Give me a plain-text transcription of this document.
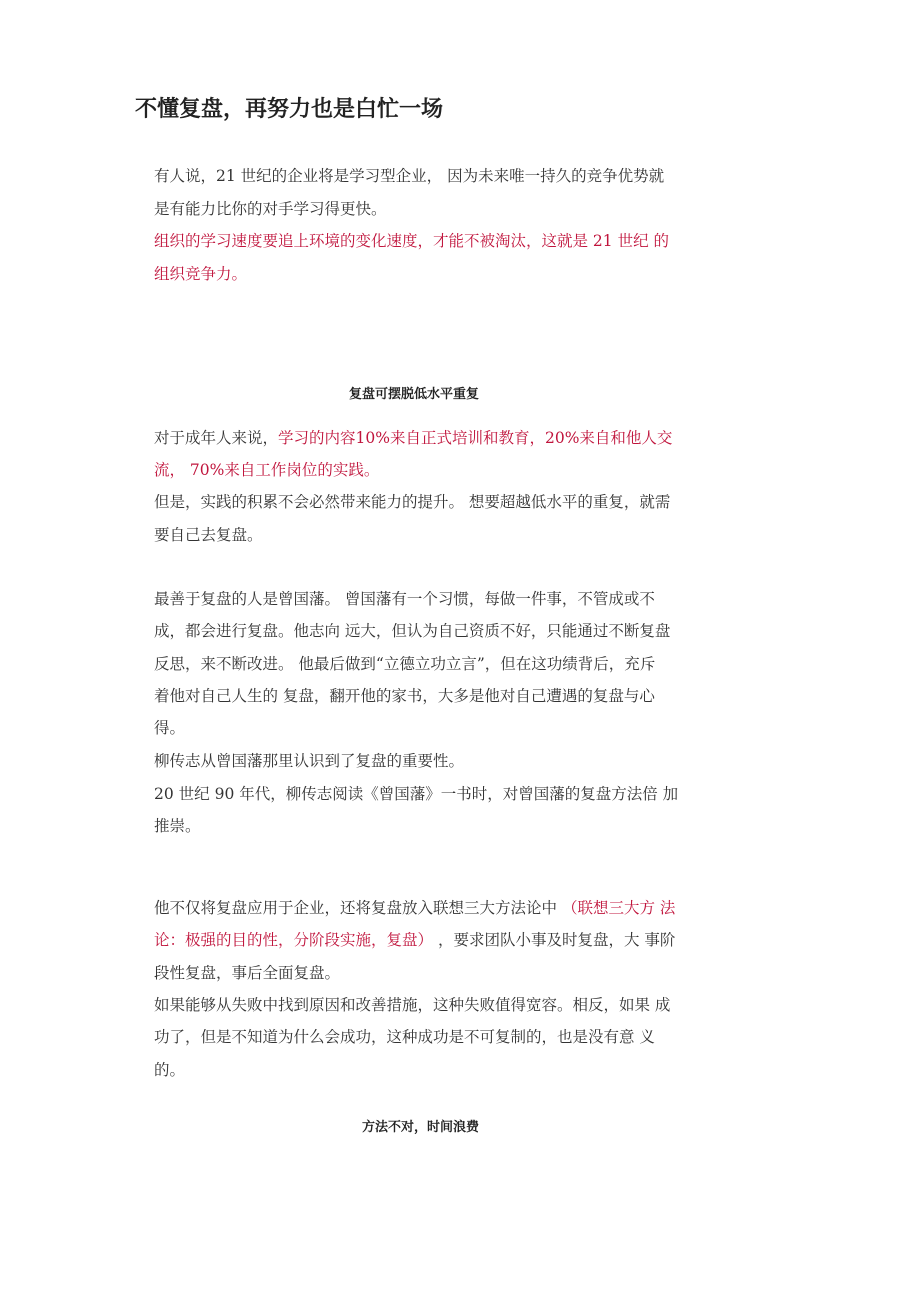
不懂复盘，再努力也是白忙一场
有人说，21 世纪的企业将是学习型企业， 因为未来唯一持久的竞争优势就
是有能力比你的对手学习得更快。
组织的学习速度要追上环境的变化速度，才能不被淘汰，这就是 21 世纪 的
组织竞争力。
复盘可摆脱低水平重复
对于成年人来说，学习的内容10%来自正式培训和教育，20%来自和他人交
流， 70%来自工作岗位的实践。
但是，实践的积累不会必然带来能力的提升。 想要超越低水平的重复，就需
要自己去复盘。
最善于复盘的人是曾国藩。 曾国藩有一个习惯，每做一件事，不管成或不
成，都会进行复盘。他志向 远大，但认为自己资质不好，只能通过不断复盘
反思，来不断改进。 他最后做到“立德立功立言”，但在这功绩背后，充斥
着他对自己人生的 复盘，翻开他的家书，大多是他对自己遭遇的复盘与心
得。
柳传志从曾国藩那里认识到了复盘的重要性。
20 世纪 90 年代，柳传志阅读《曾国藩》一书时，对曾国藩的复盘方法倍 加
推崇。
他不仅将复盘应用于企业，还将复盘放入联想三大方法论中 （联想三大方 法
论：极强的目的性，分阶段实施，复盘） ，要求团队小事及时复盘，大 事阶
段性复盘，事后全面复盘。
如果能够从失败中找到原因和改善措施，这种失败值得宽容。相反，如果 成
功了，但是不知道为什么会成功，这种成功是不可复制的，也是没有意 义
的。
方法不对，时间浪费
